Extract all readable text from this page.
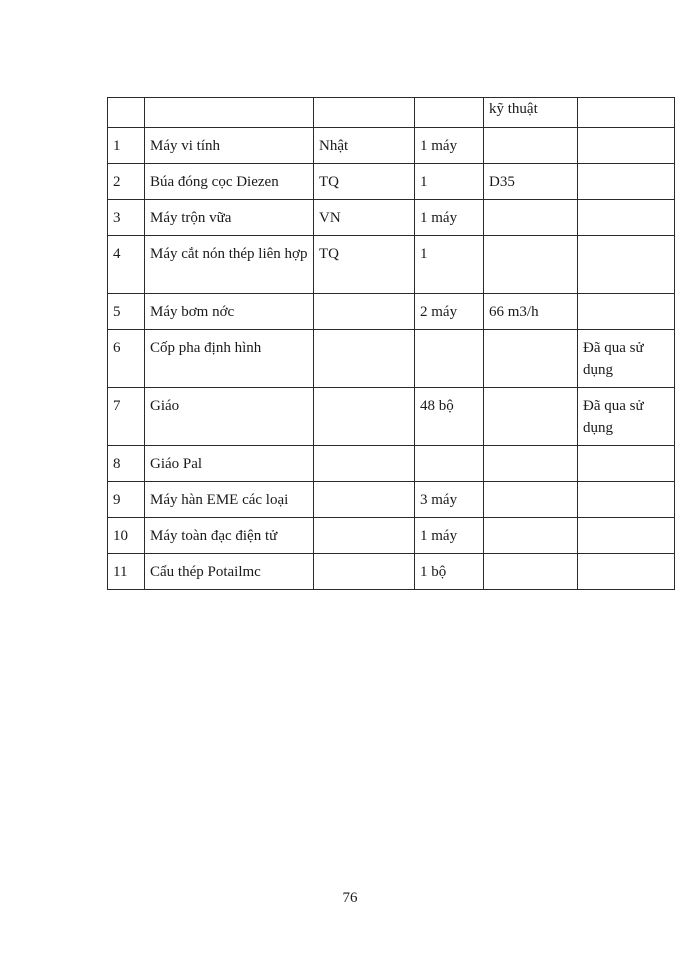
				kỹ thuật	
1	Máy vi tính	Nhật	1 máy		
2	Búa đóng cọc Diezen	TQ	1	D35	
3	Máy trộn vữa	VN	1 máy		
4	Máy cắt nón thép liên hợp	TQ	1		
5	Máy bơm nớc		2 máy	66 m3/h	
6	Cốp pha định hình				Đã qua sử dụng
7	Giáo		48 bộ		Đã qua sử dụng
8	Giáo Pal				
9	Máy hàn EME các loại		3 máy		
10	Máy toàn đạc điện tử		1 máy		
11	Cẩu thép Potailmc		1 bộ		
76
